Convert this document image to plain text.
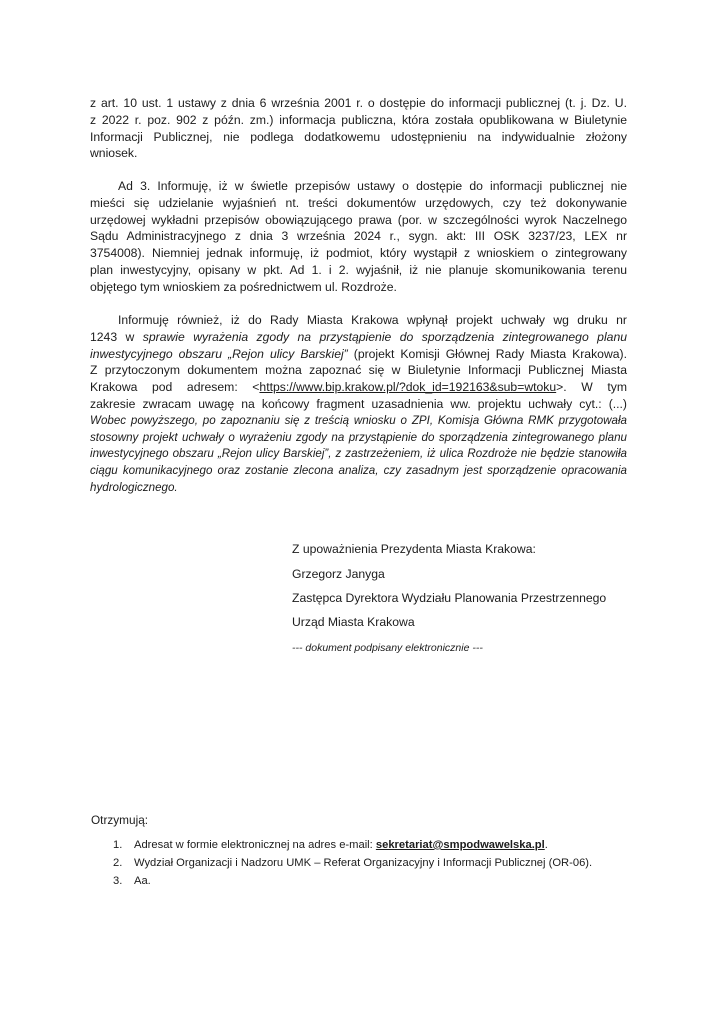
z art. 10 ust. 1 ustawy z dnia 6 września 2001 r. o dostępie do informacji publicznej (t. j. Dz. U.
z 2022 r. poz. 902 z późn. zm.) informacja publiczna, która została opublikowana w Biuletynie
Informacji Publicznej, nie podlega dodatkowemu udostępnieniu na indywidualnie złożony
wniosek.
Ad 3. Informuję, iż w świetle przepisów ustawy o dostępie do informacji publicznej nie
mieści się udzielanie wyjaśnień nt. treści dokumentów urzędowych, czy też dokonywanie
urzędowej wykładni przepisów obowiązującego prawa (por. w szczególności wyrok Naczelnego
Sądu Administracyjnego z dnia 3 września 2024 r., sygn. akt: III OSK 3237/23, LEX nr
3754008). Niemniej jednak informuję, iż podmiot, który wystąpił z wnioskiem o zintegrowany
plan inwestycyjny, opisany w pkt. Ad 1. i 2. wyjaśnił, iż nie planuje skomunikowania terenu
objętego tym wnioskiem za pośrednictwem ul. Rozdroże.
Informuję również, iż do Rady Miasta Krakowa wpłynął projekt uchwały wg druku nr
1243 w sprawie wyrażenia zgody na przystąpienie do sporządzenia zintegrowanego planu
inwestycyjnego obszaru „Rejon ulicy Barskiej” (projekt Komisji Głównej Rady Miasta Krakowa).
Z przytoczonym dokumentem można zapoznać się w Biuletynie Informacji Publicznej Miasta
Krakowa pod adresem: <https://www.bip.krakow.pl/?dok_id=192163&sub=wtoku>. W tym
zakresie zwracam uwagę na końcowy fragment uzasadnienia ww. projektu uchwały cyt.: (...)
Wobec powyższego, po zapoznaniu się z treścią wniosku o ZPI, Komisja Główna RMK przygotowała
stosowny projekt uchwały o wyrażeniu zgody na przystąpienie do sporządzenia zintegrowanego planu
inwestycyjnego obszaru „Rejon ulicy Barskiej”, z zastrzeżeniem, iż ulica Rozdroże nie będzie stanowiła
ciągu komunikacyjnego oraz zostanie zlecona analiza, czy zasadnym jest sporządzenie opracowania
hydrologicznego.
Z upoważnienia Prezydenta Miasta Krakowa:
Grzegorz Janyga
Zastępca Dyrektora Wydziału Planowania Przestrzennego
Urząd Miasta Krakowa
--- dokument podpisany elektronicznie ---
Otrzymują:
1. Adresat w formie elektronicznej na adres e-mail: sekretariat@smpodwawelska.pl.
2. Wydział Organizacji i Nadzoru UMK – Referat Organizacyjny i Informacji Publicznej (OR-06).
3. Aa.
